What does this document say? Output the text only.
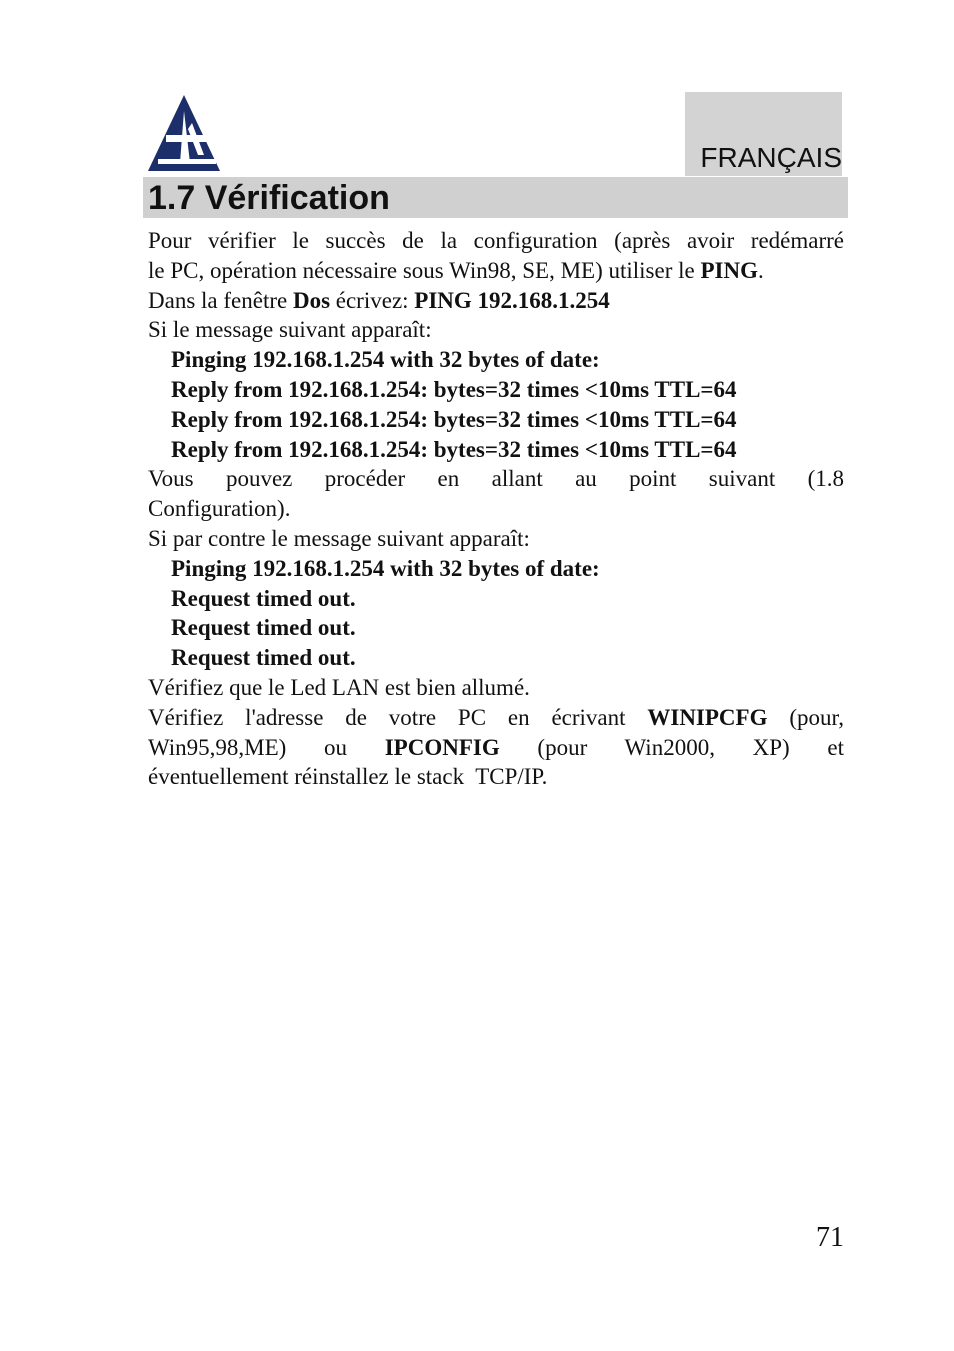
FRANÇAIS
1.7 Vérification

Pour vérifier le succès de la configuration (après avoir redémarré

le PC, opération nécessaire sous Win98, SE, ME) utiliser le PING.

Dans la fenêtre Dos écrivez: PING 192.168.1.254

Si le message suivant apparaît:

Pinging 192.168.1.254 with 32 bytes of date:

Reply from 192.168.1.254: bytes=32 times <10ms TTL=64

Reply from 192.168.1.254: bytes=32 times <10ms TTL=64

Reply from 192.168.1.254: bytes=32 times <10ms TTL=64

Vous pouvez procéder en allant au point suivant (1.8

Configuration).

Si par contre le message suivant apparaît:

Pinging 192.168.1.254 with 32 bytes of date:

Request timed out.

Request timed out.

Request timed out.

Vérifiez que le Led LAN est bien allumé.

Vérifiez l'adresse de votre PC en écrivant WINIPCFG (pour,

Win95,98,ME) ou IPCONFIG (pour Win2000, XP) et

éventuellement réinstallez le stack  TCP/IP.

71
